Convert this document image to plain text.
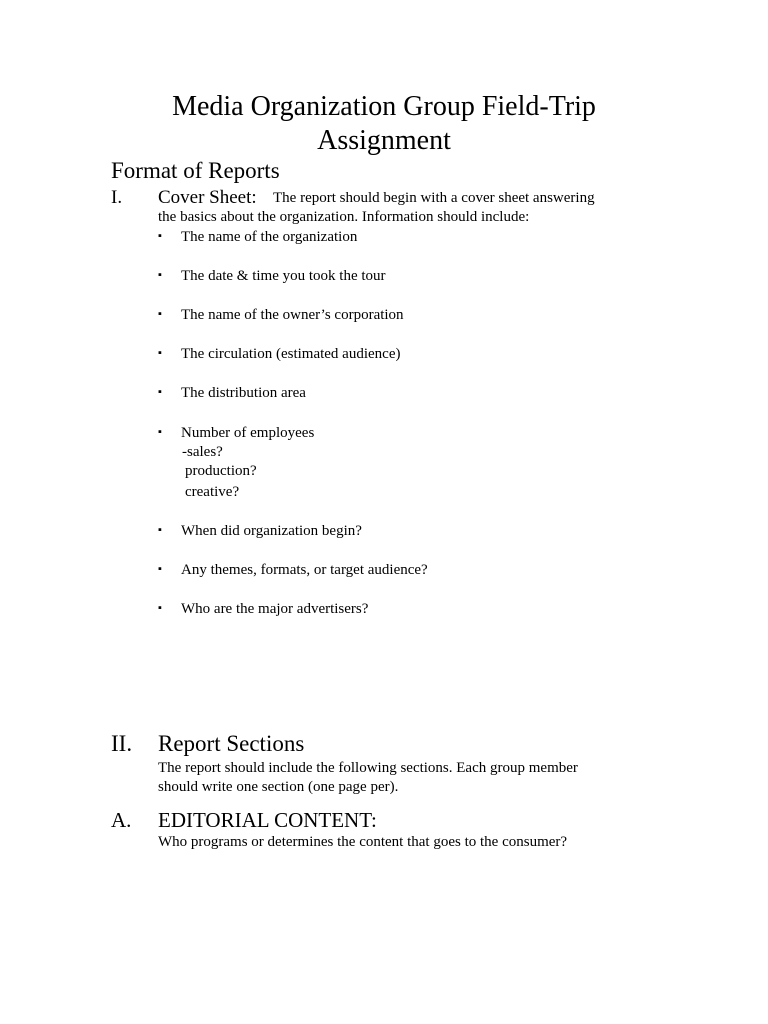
Media Organization Group Field-Trip
Assignment
Format of Reports
I. Cover Sheet: The report should begin with a cover sheet answering
the basics about the organization. Information should include:
▪ The name of the organization
▪ The date & time you took the tour
▪ The name of the owner’s corporation
▪ The circulation (estimated audience)
▪ The distribution area
▪ Number of employees
-sales?
production?
creative?
▪ When did organization begin?
▪ Any themes, formats, or target audience?
▪ Who are the major advertisers?
II. Report Sections
The report should include the following sections. Each group member
should write one section (one page per).
A. EDITORIAL CONTENT:
Who programs or determines the content that goes to the consumer?
